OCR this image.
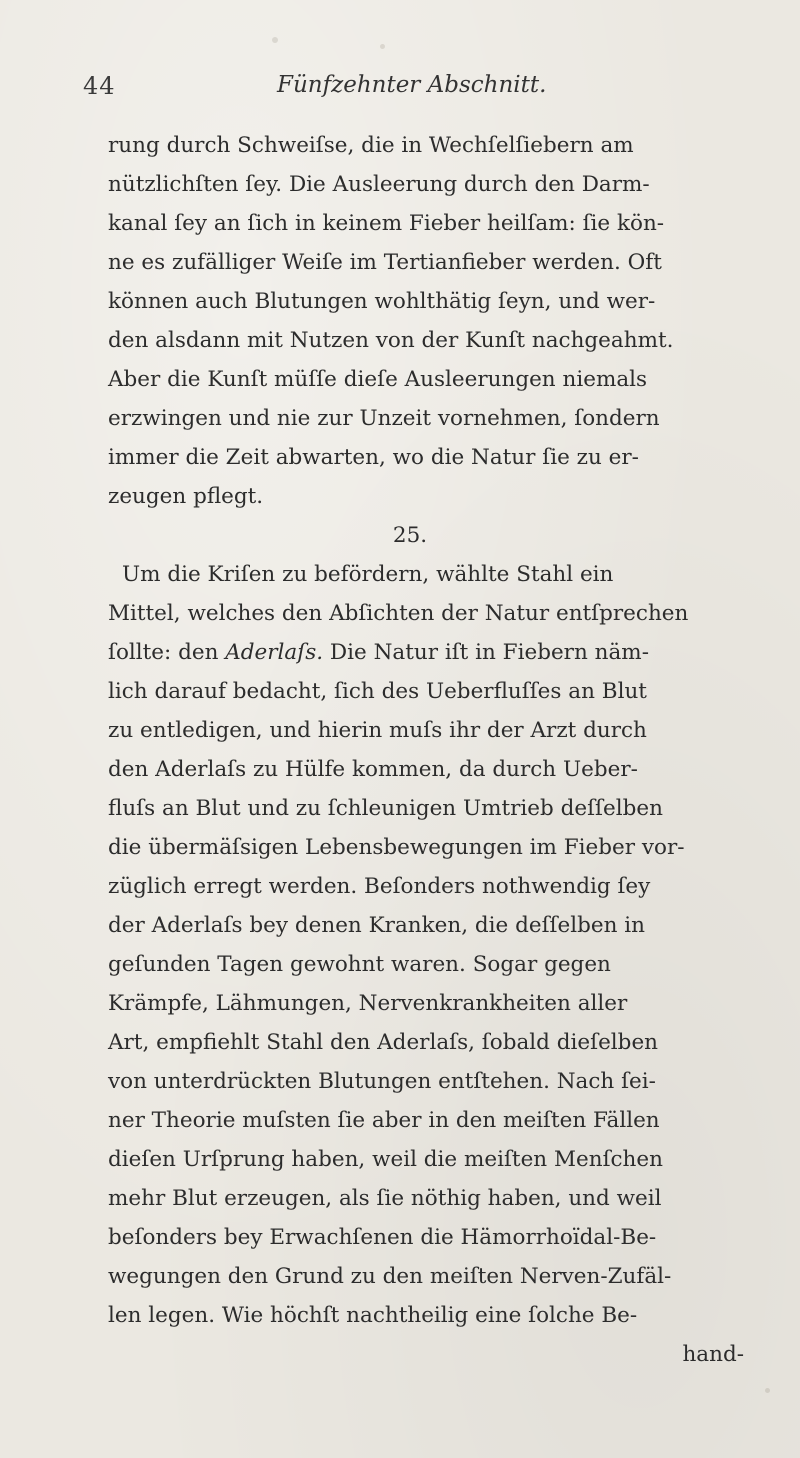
44	Fünfzehnter Abschnitt.
rung durch Schweiſse, die in Wechſelſiebern am
nützlichſten ſey. Die Ausleerung durch den Darm-
kanal ſey an ſich in keinem Fieber heilſam: ſie kön-
ne es zufälliger Weiſe im Tertianfieber werden. Oft
können auch Blutungen wohlthätig ſeyn, und wer-
den alsdann mit Nutzen von der Kunſt nachgeahmt.
Aber die Kunſt müſſe dieſe Ausleerungen niemals
erzwingen und nie zur Unzeit vornehmen, ſondern
immer die Zeit abwarten, wo die Natur ſie zu er-
zeugen pflegt.
25.
Um die Kriſen zu befördern, wählte Stahl ein
Mittel, welches den Abſichten der Natur entſprechen
ſollte: den Aderlaſs. Die Natur iſt in Fiebern näm-
lich darauf bedacht, ſich des Ueberfluſſes an Blut
zu entledigen, und hierin muſs ihr der Arzt durch
den Aderlaſs zu Hülfe kommen, da durch Ueber-
fluſs an Blut und zu ſchleunigen Umtrieb deſſelben
die übermäſsigen Lebensbewegungen im Fieber vor-
züglich erregt werden. Beſonders nothwendig ſey
der Aderlaſs bey denen Kranken, die deſſelben in
geſunden Tagen gewohnt waren. Sogar gegen
Krämpfe, Lähmungen, Nervenkrankheiten aller
Art, empfiehlt Stahl den Aderlaſs, ſobald dieſelben
von unterdrückten Blutungen entſtehen. Nach ſei-
ner Theorie muſsten ſie aber in den meiſten Fällen
dieſen Urſprung haben, weil die meiſten Menſchen
mehr Blut erzeugen, als ſie nöthig haben, und weil
beſonders bey Erwachſenen die Hämorrhoïdal-Be-
wegungen den Grund zu den meiſten Nerven-Zufäl-
len legen. Wie höchſt nachtheilig eine ſolche Be-
hand-
